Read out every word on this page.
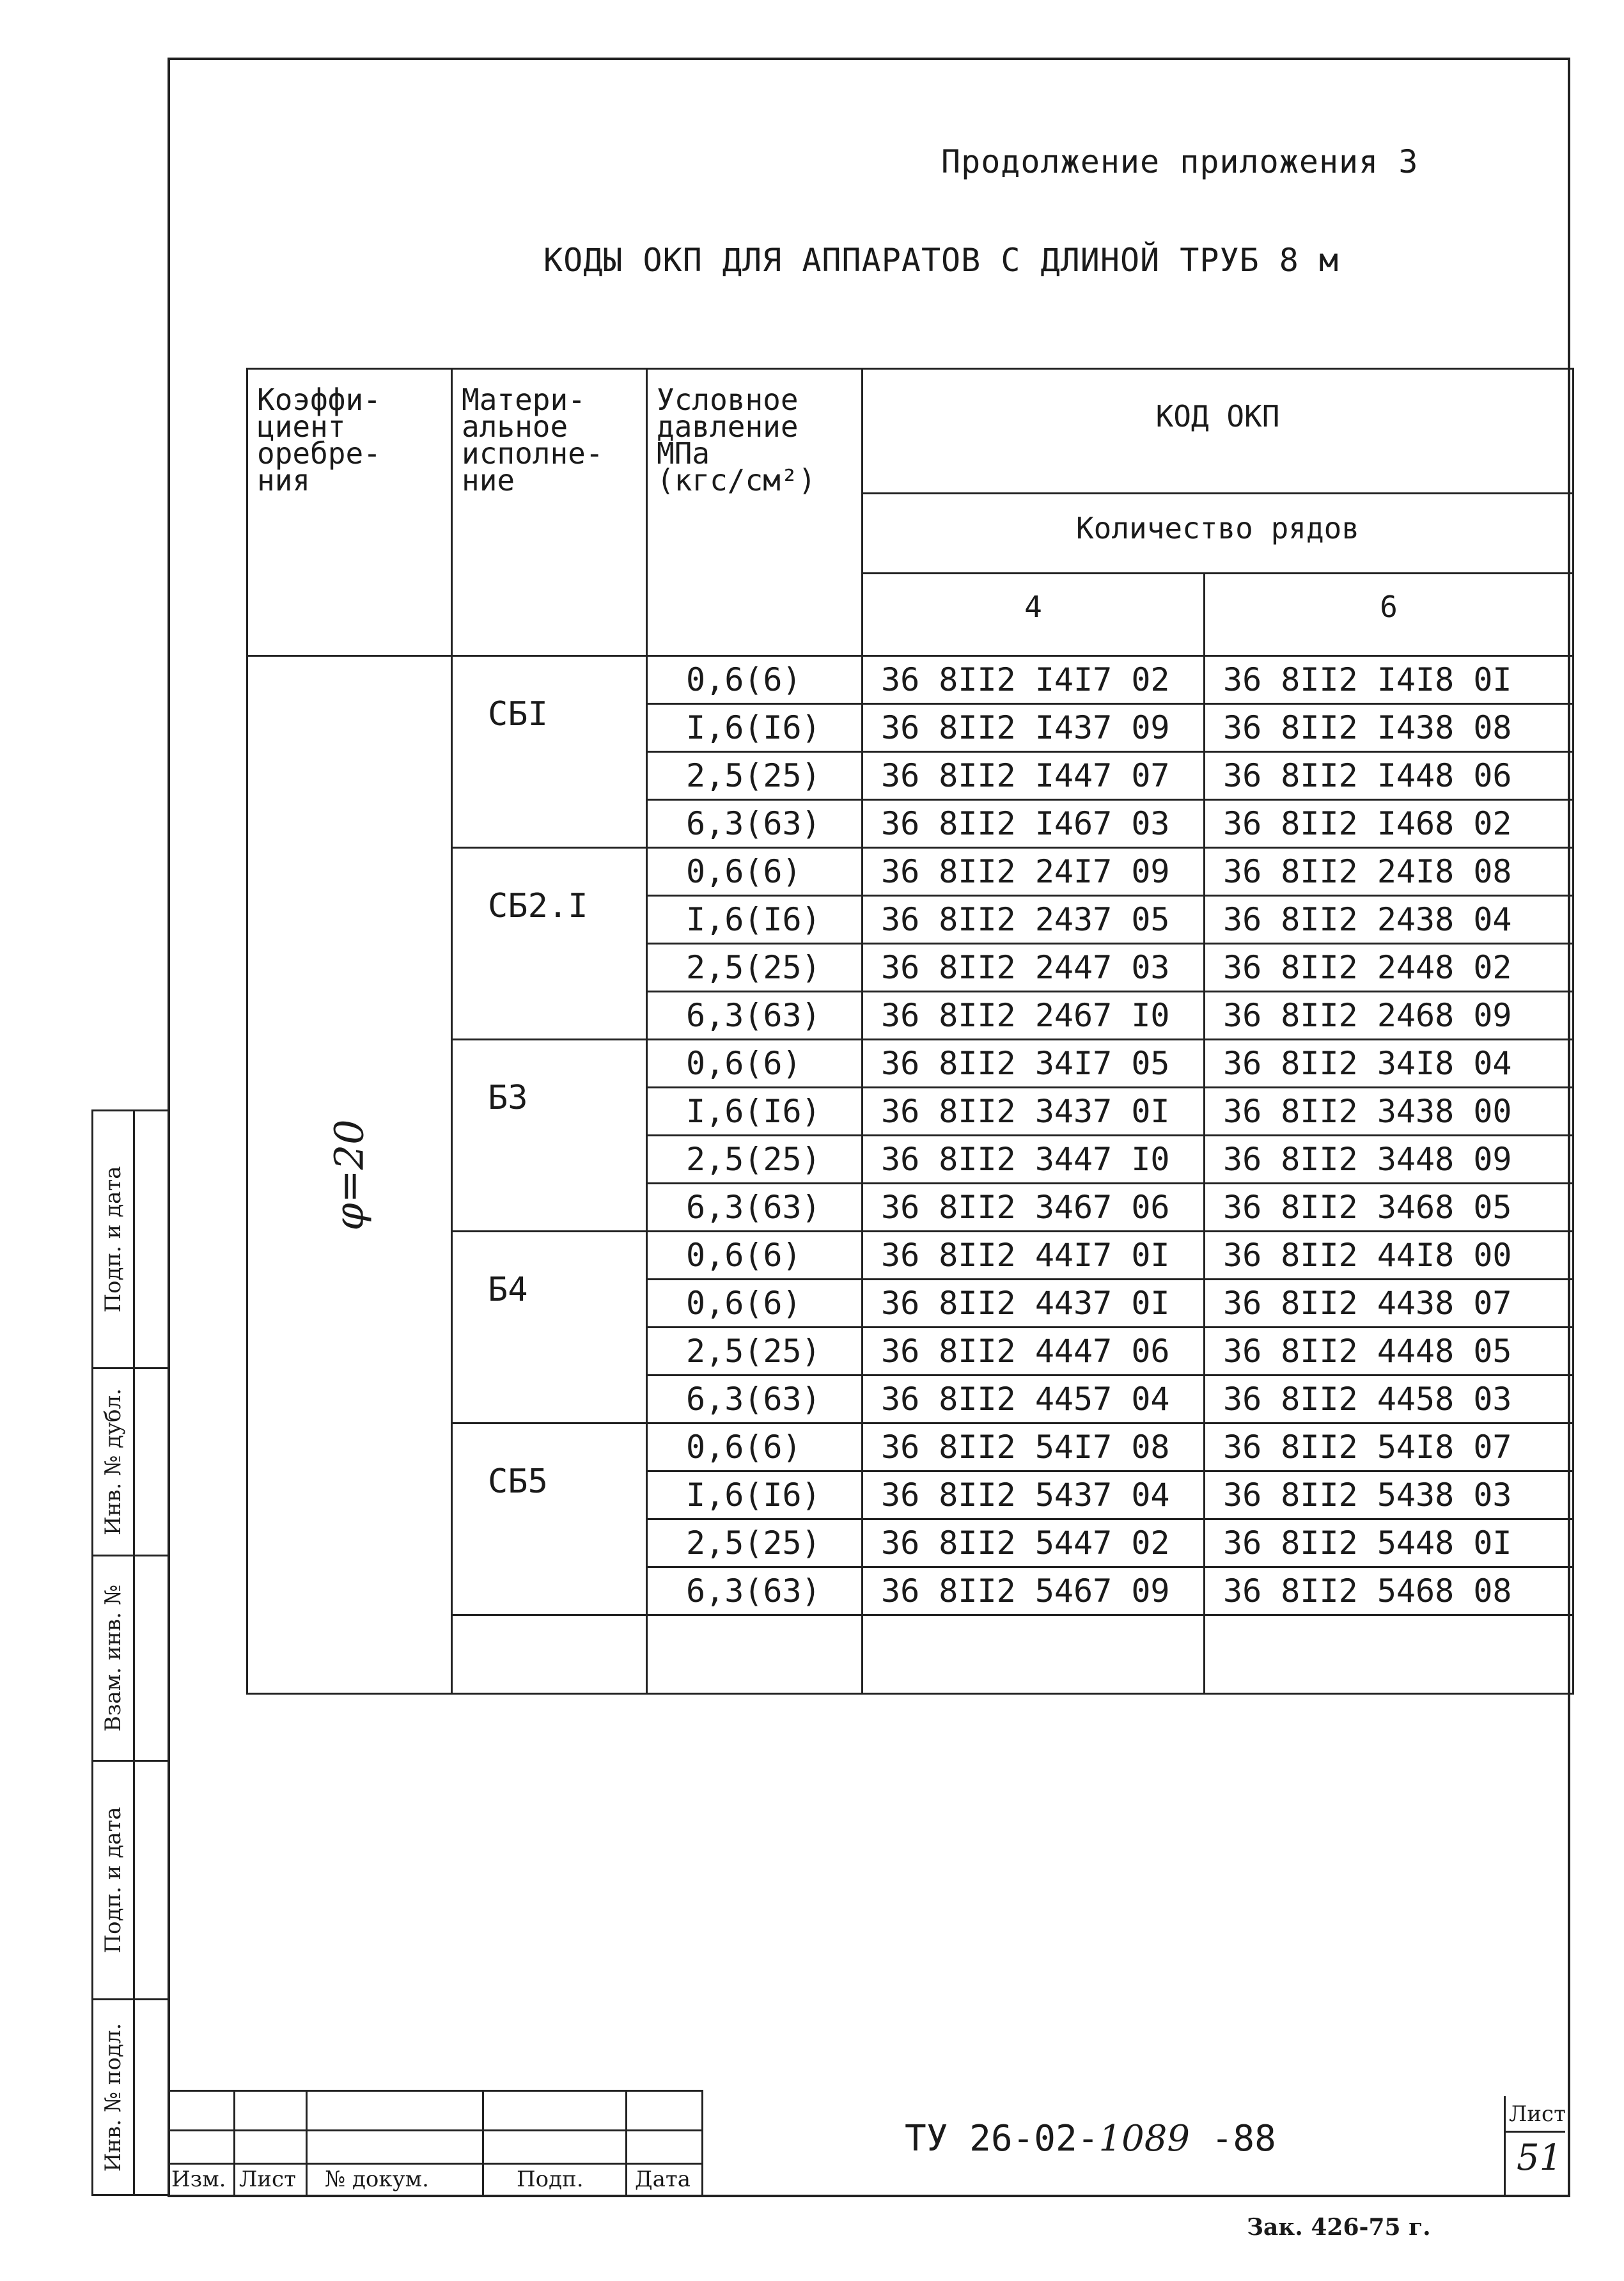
Продолжение приложения 3
КОДЫ ОКП ДЛЯ АППАРАТОВ С ДЛИНОЙ ТРУБ 8 м
Коэффи-
циент
оребре-
ния	Матери-
альное
исполне-
ние	Условное
давление
МПа
(кгс/см²)	КОД ОКП	
			Количество рядов	
			4	6
φ=20	СБI	0,6(6)	36 8II2 I4I7 02	36 8II2 I4I8 0I
		I,6(I6)	36 8II2 I437 09	36 8II2 I438 08
		2,5(25)	36 8II2 I447 07	36 8II2 I448 06
		6,3(63)	36 8II2 I467 03	36 8II2 I468 02
	СБ2.I	0,6(6)	36 8II2 24I7 09	36 8II2 24I8 08
		I,6(I6)	36 8II2 2437 05	36 8II2 2438 04
		2,5(25)	36 8II2 2447 03	36 8II2 2448 02
		6,3(63)	36 8II2 2467 I0	36 8II2 2468 09
	Б3	0,6(6)	36 8II2 34I7 05	36 8II2 34I8 04
		I,6(I6)	36 8II2 3437 0I	36 8II2 3438 00
		2,5(25)	36 8II2 3447 I0	36 8II2 3448 09
		6,3(63)	36 8II2 3467 06	36 8II2 3468 05
	Б4	0,6(6)	36 8II2 44I7 0I	36 8II2 44I8 00
		0,6(6)	36 8II2 4437 0I	36 8II2 4438 07
		2,5(25)	36 8II2 4447 06	36 8II2 4448 05
		6,3(63)	36 8II2 4457 04	36 8II2 4458 03
	СБ5	0,6(6)	36 8II2 54I7 08	36 8II2 54I8 07
		I,6(I6)	36 8II2 5437 04	36 8II2 5438 03
		2,5(25)	36 8II2 5447 02	36 8II2 5448 0I
		6,3(63)	36 8II2 5467 09	36 8II2 5468 08

Подп. и дата
Инв. № дубл.
Взам. инв. №
Подп. и дата
Инв. № подл.
Изм. Лист № докум.	Подп. Дата
ТУ 26-02-1089 -88
Лист
51
Зак. 426-75 г.
